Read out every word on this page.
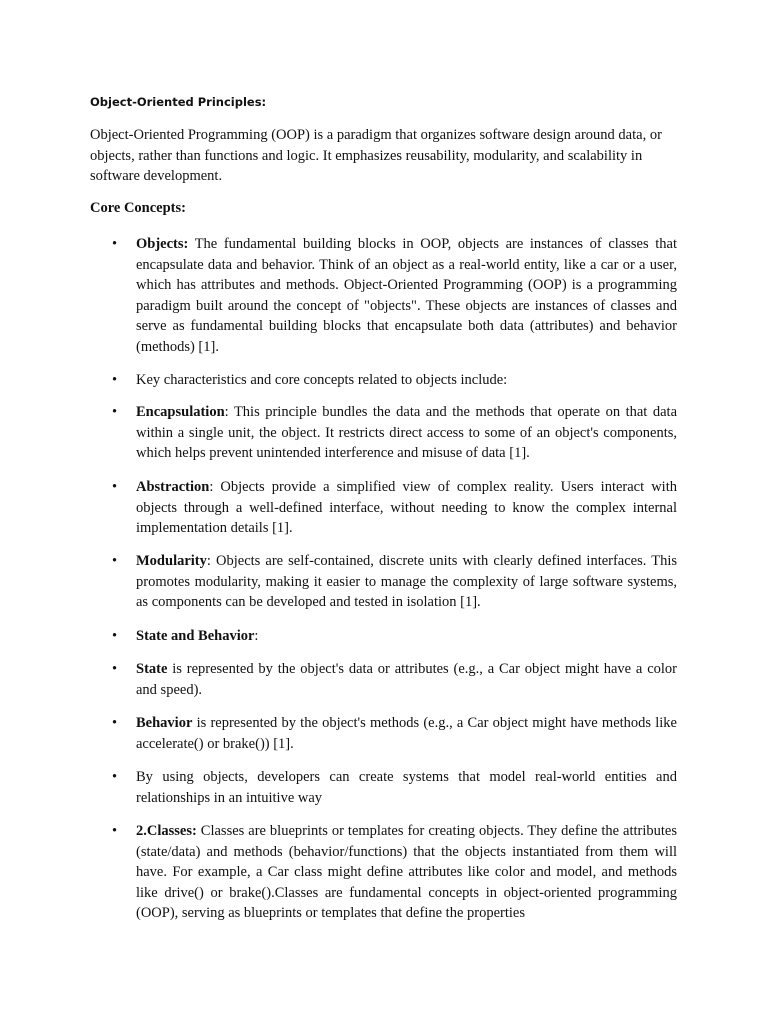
Object-Oriented Principles:

Object-Oriented Programming (OOP) is a paradigm that organizes software design around data, or objects, rather than functions and logic. It emphasizes reusability, modularity, and scalability in software development.

Core Concepts:

• Objects: The fundamental building blocks in OOP, objects are instances of classes that encapsulate data and behavior. Think of an object as a real-world entity, like a car or a user, which has attributes and methods. Object-Oriented Programming (OOP) is a programming paradigm built around the concept of "objects". These objects are instances of classes and serve as fundamental building blocks that encapsulate both data (attributes) and behavior (methods) [1].
• Key characteristics and core concepts related to objects include:
• Encapsulation: This principle bundles the data and the methods that operate on that data within a single unit, the object. It restricts direct access to some of an object's components, which helps prevent unintended interference and misuse of data [1].
• Abstraction: Objects provide a simplified view of complex reality. Users interact with objects through a well-defined interface, without needing to know the complex internal implementation details [1].
• Modularity: Objects are self-contained, discrete units with clearly defined interfaces. This promotes modularity, making it easier to manage the complexity of large software systems, as components can be developed and tested in isolation [1].
• State and Behavior:
• State is represented by the object's data or attributes (e.g., a Car object might have a color and speed).
• Behavior is represented by the object's methods (e.g., a Car object might have methods like accelerate() or brake()) [1].
• By using objects, developers can create systems that model real-world entities and relationships in an intuitive way
• 2.Classes: Classes are blueprints or templates for creating objects. They define the attributes (state/data) and methods (behavior/functions) that the objects instantiated from them will have. For example, a Car class might define attributes like color and model, and methods like drive() or brake().Classes are fundamental concepts in object-oriented programming (OOP), serving as blueprints or templates that define the properties
